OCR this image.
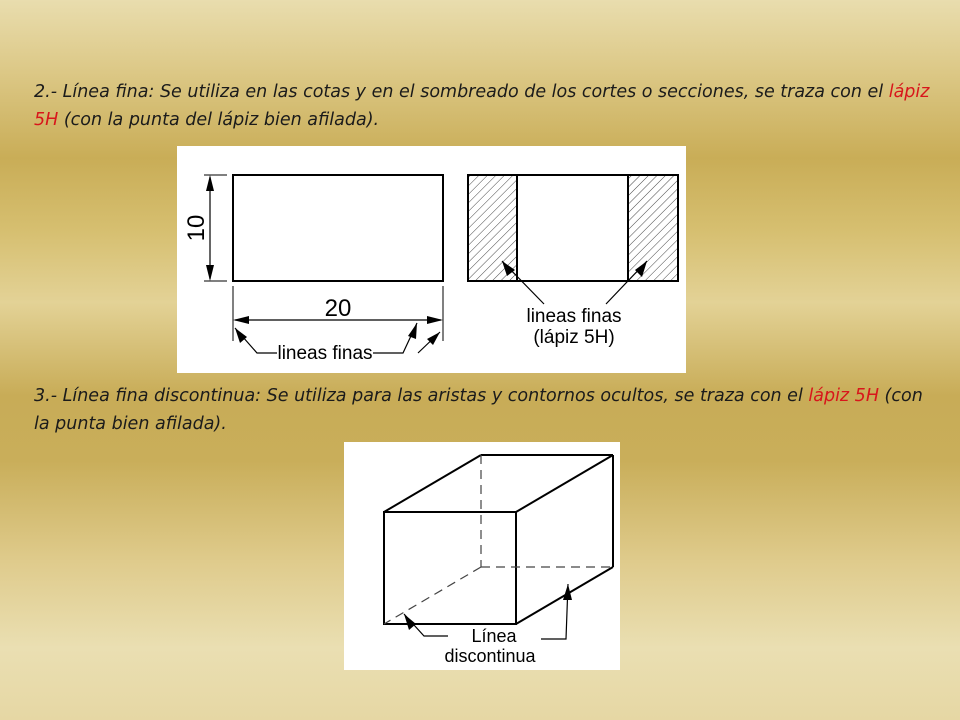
2.- Línea fina: Se utiliza en las cotas y en el sombreado de los cortes o secciones, se traza con el lápiz 5H (con la punta del lápiz bien afilada).

10
20
lineas finas
lineas finas
(lápiz 5H)

3.- Línea fina discontinua: Se utiliza para las aristas y contornos ocultos, se traza con el lápiz 5H (con la punta bien afilada).

Línea
discontinua
